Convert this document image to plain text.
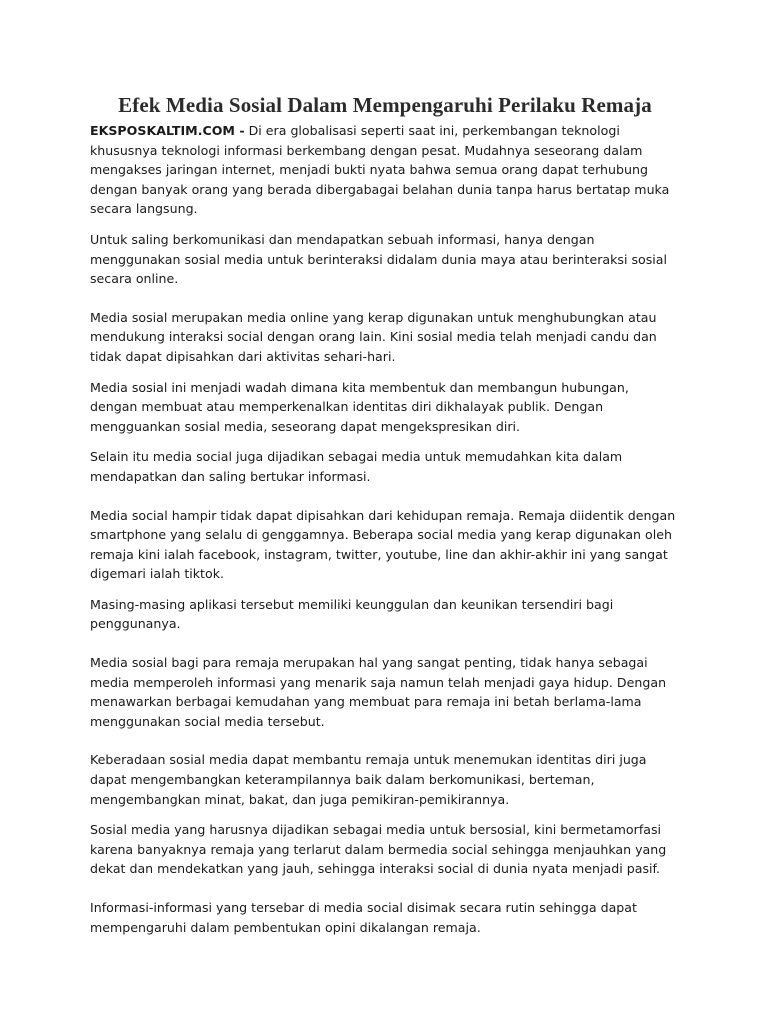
Efek Media Sosial Dalam Mempengaruhi Perilaku Remaja

EKSPOSKALTIM.COM - Di era globalisasi seperti saat ini, perkembangan teknologi khususnya teknologi informasi berkembang dengan pesat. Mudahnya seseorang dalam mengakses jaringan internet, menjadi bukti nyata bahwa semua orang dapat terhubung dengan banyak orang yang berada dibergabagai belahan dunia tanpa harus bertatap muka secara langsung.

Untuk saling berkomunikasi dan mendapatkan sebuah informasi, hanya dengan menggunakan sosial media untuk berinteraksi didalam dunia maya atau berinteraksi sosial secara online.

Media sosial merupakan media online yang kerap digunakan untuk menghubungkan atau mendukung interaksi social dengan orang lain. Kini sosial media telah menjadi candu dan tidak dapat dipisahkan dari aktivitas sehari-hari.

Media sosial ini menjadi wadah dimana kita membentuk dan membangun hubungan, dengan membuat atau memperkenalkan identitas diri dikhalayak publik. Dengan mengguankan sosial media, seseorang dapat mengekspresikan diri.

Selain itu media social juga dijadikan sebagai media untuk memudahkan kita dalam mendapatkan dan saling bertukar informasi.

Media social hampir tidak dapat dipisahkan dari kehidupan remaja. Remaja diidentik dengan smartphone yang selalu di genggamnya. Beberapa social media yang kerap digunakan oleh remaja kini ialah facebook, instagram, twitter, youtube, line dan akhir-akhir ini yang sangat digemari ialah tiktok.

Masing-masing aplikasi tersebut memiliki keunggulan dan keunikan tersendiri bagi penggunanya.

Media sosial bagi para remaja merupakan hal yang sangat penting, tidak hanya sebagai media memperoleh informasi yang menarik saja namun telah menjadi gaya hidup. Dengan menawarkan berbagai kemudahan yang membuat para remaja ini betah berlama-lama menggunakan social media tersebut.

Keberadaan sosial media dapat membantu remaja untuk menemukan identitas diri juga dapat mengembangkan keterampilannya baik dalam berkomunikasi, berteman, mengembangkan minat, bakat, dan juga pemikiran-pemikirannya.

Sosial media yang harusnya dijadikan sebagai media untuk bersosial, kini bermetamorfasi karena banyaknya remaja yang terlarut dalam bermedia social sehingga menjauhkan yang dekat dan mendekatkan yang jauh, sehingga interaksi social di dunia nyata menjadi pasif.

Informasi-informasi yang tersebar di media social disimak secara rutin sehingga dapat mempengaruhi dalam pembentukan opini dikalangan remaja.
